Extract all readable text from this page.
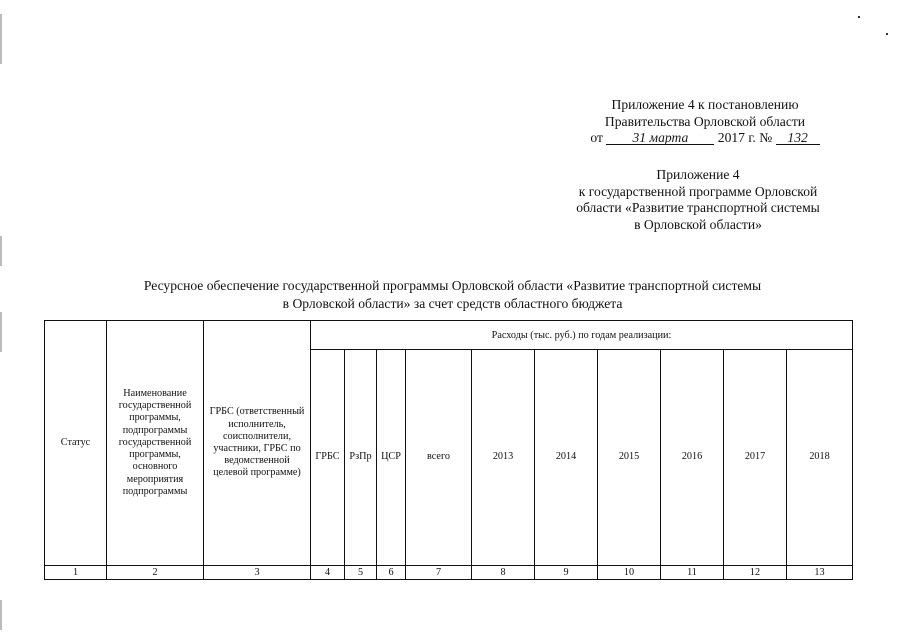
Приложение 4 к постановлению
Правительства Орловской области
от 31 марта 2017 г. № 132
Приложение 4
к государственной программе Орловской
области «Развитие транспортной системы
в Орловской области»
Ресурсное обеспечение государственной программы Орловской области «Развитие транспортной системы
в Орловской области» за счет средств областного бюджета
Статус	Наименование государственной программы, подпрограммы государственной программы, основного мероприятия подпрограммы	ГРБС (ответственный исполнитель, соисполнители, участники, ГРБС по ведомственной целевой программе)	Расходы (тыс. руб.) по годам реализации:									
			ГРБС	РзПр	ЦСР	всего	2013	2014	2015	2016	2017	2018
1	2	3	4	5	6	7	8	9	10	11	12	13
